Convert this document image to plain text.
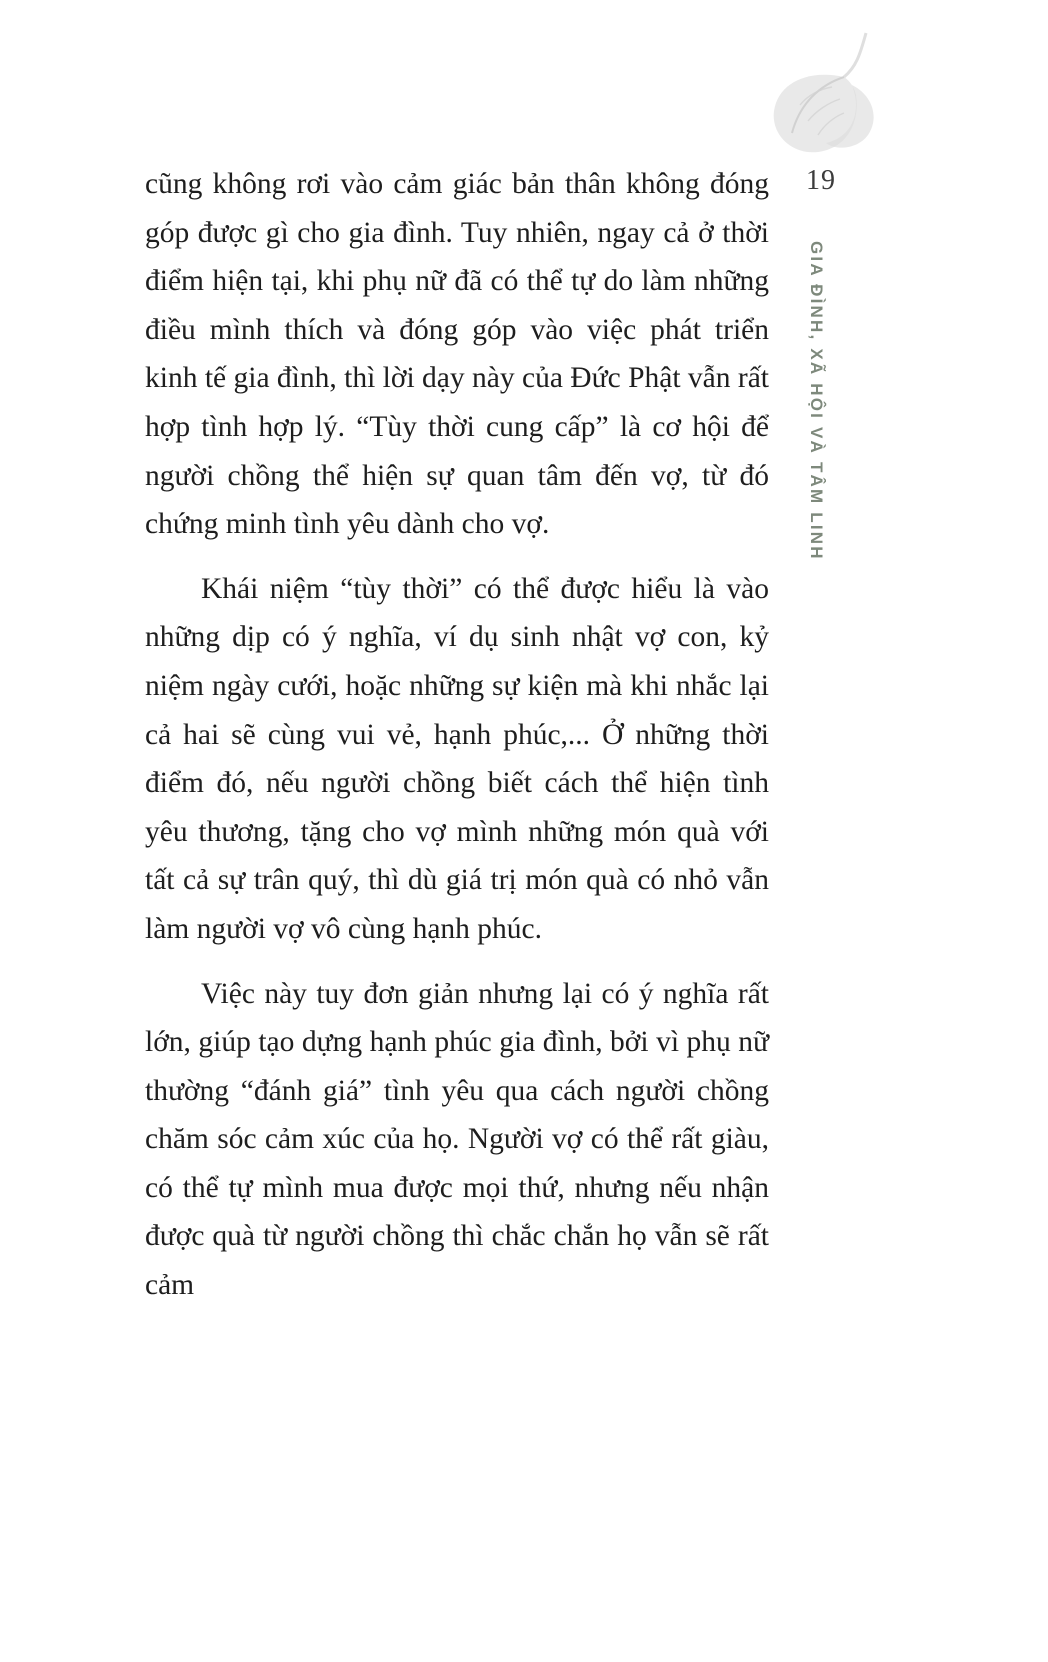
19
GIA ĐÌNH, XÃ HỘI VÀ TÂM LINH

cũng không rơi vào cảm giác bản thân không đóng góp được gì cho gia đình. Tuy nhiên, ngay cả ở thời điểm hiện tại, khi phụ nữ đã có thể tự do làm những điều mình thích và đóng góp vào việc phát triển kinh tế gia đình, thì lời dạy này của Đức Phật vẫn rất hợp tình hợp lý. “Tùy thời cung cấp” là cơ hội để người chồng thể hiện sự quan tâm đến vợ, từ đó chứng minh tình yêu dành cho vợ.

Khái niệm “tùy thời” có thể được hiểu là vào những dịp có ý nghĩa, ví dụ sinh nhật vợ con, kỷ niệm ngày cưới, hoặc những sự kiện mà khi nhắc lại cả hai sẽ cùng vui vẻ, hạnh phúc,... Ở những thời điểm đó, nếu người chồng biết cách thể hiện tình yêu thương, tặng cho vợ mình những món quà với tất cả sự trân quý, thì dù giá trị món quà có nhỏ vẫn làm người vợ vô cùng hạnh phúc.

Việc này tuy đơn giản nhưng lại có ý nghĩa rất lớn, giúp tạo dựng hạnh phúc gia đình, bởi vì phụ nữ thường “đánh giá” tình yêu qua cách người chồng chăm sóc cảm xúc của họ. Người vợ có thể rất giàu, có thể tự mình mua được mọi thứ, nhưng nếu nhận được quà từ người chồng thì chắc chắn họ vẫn sẽ rất cảm
